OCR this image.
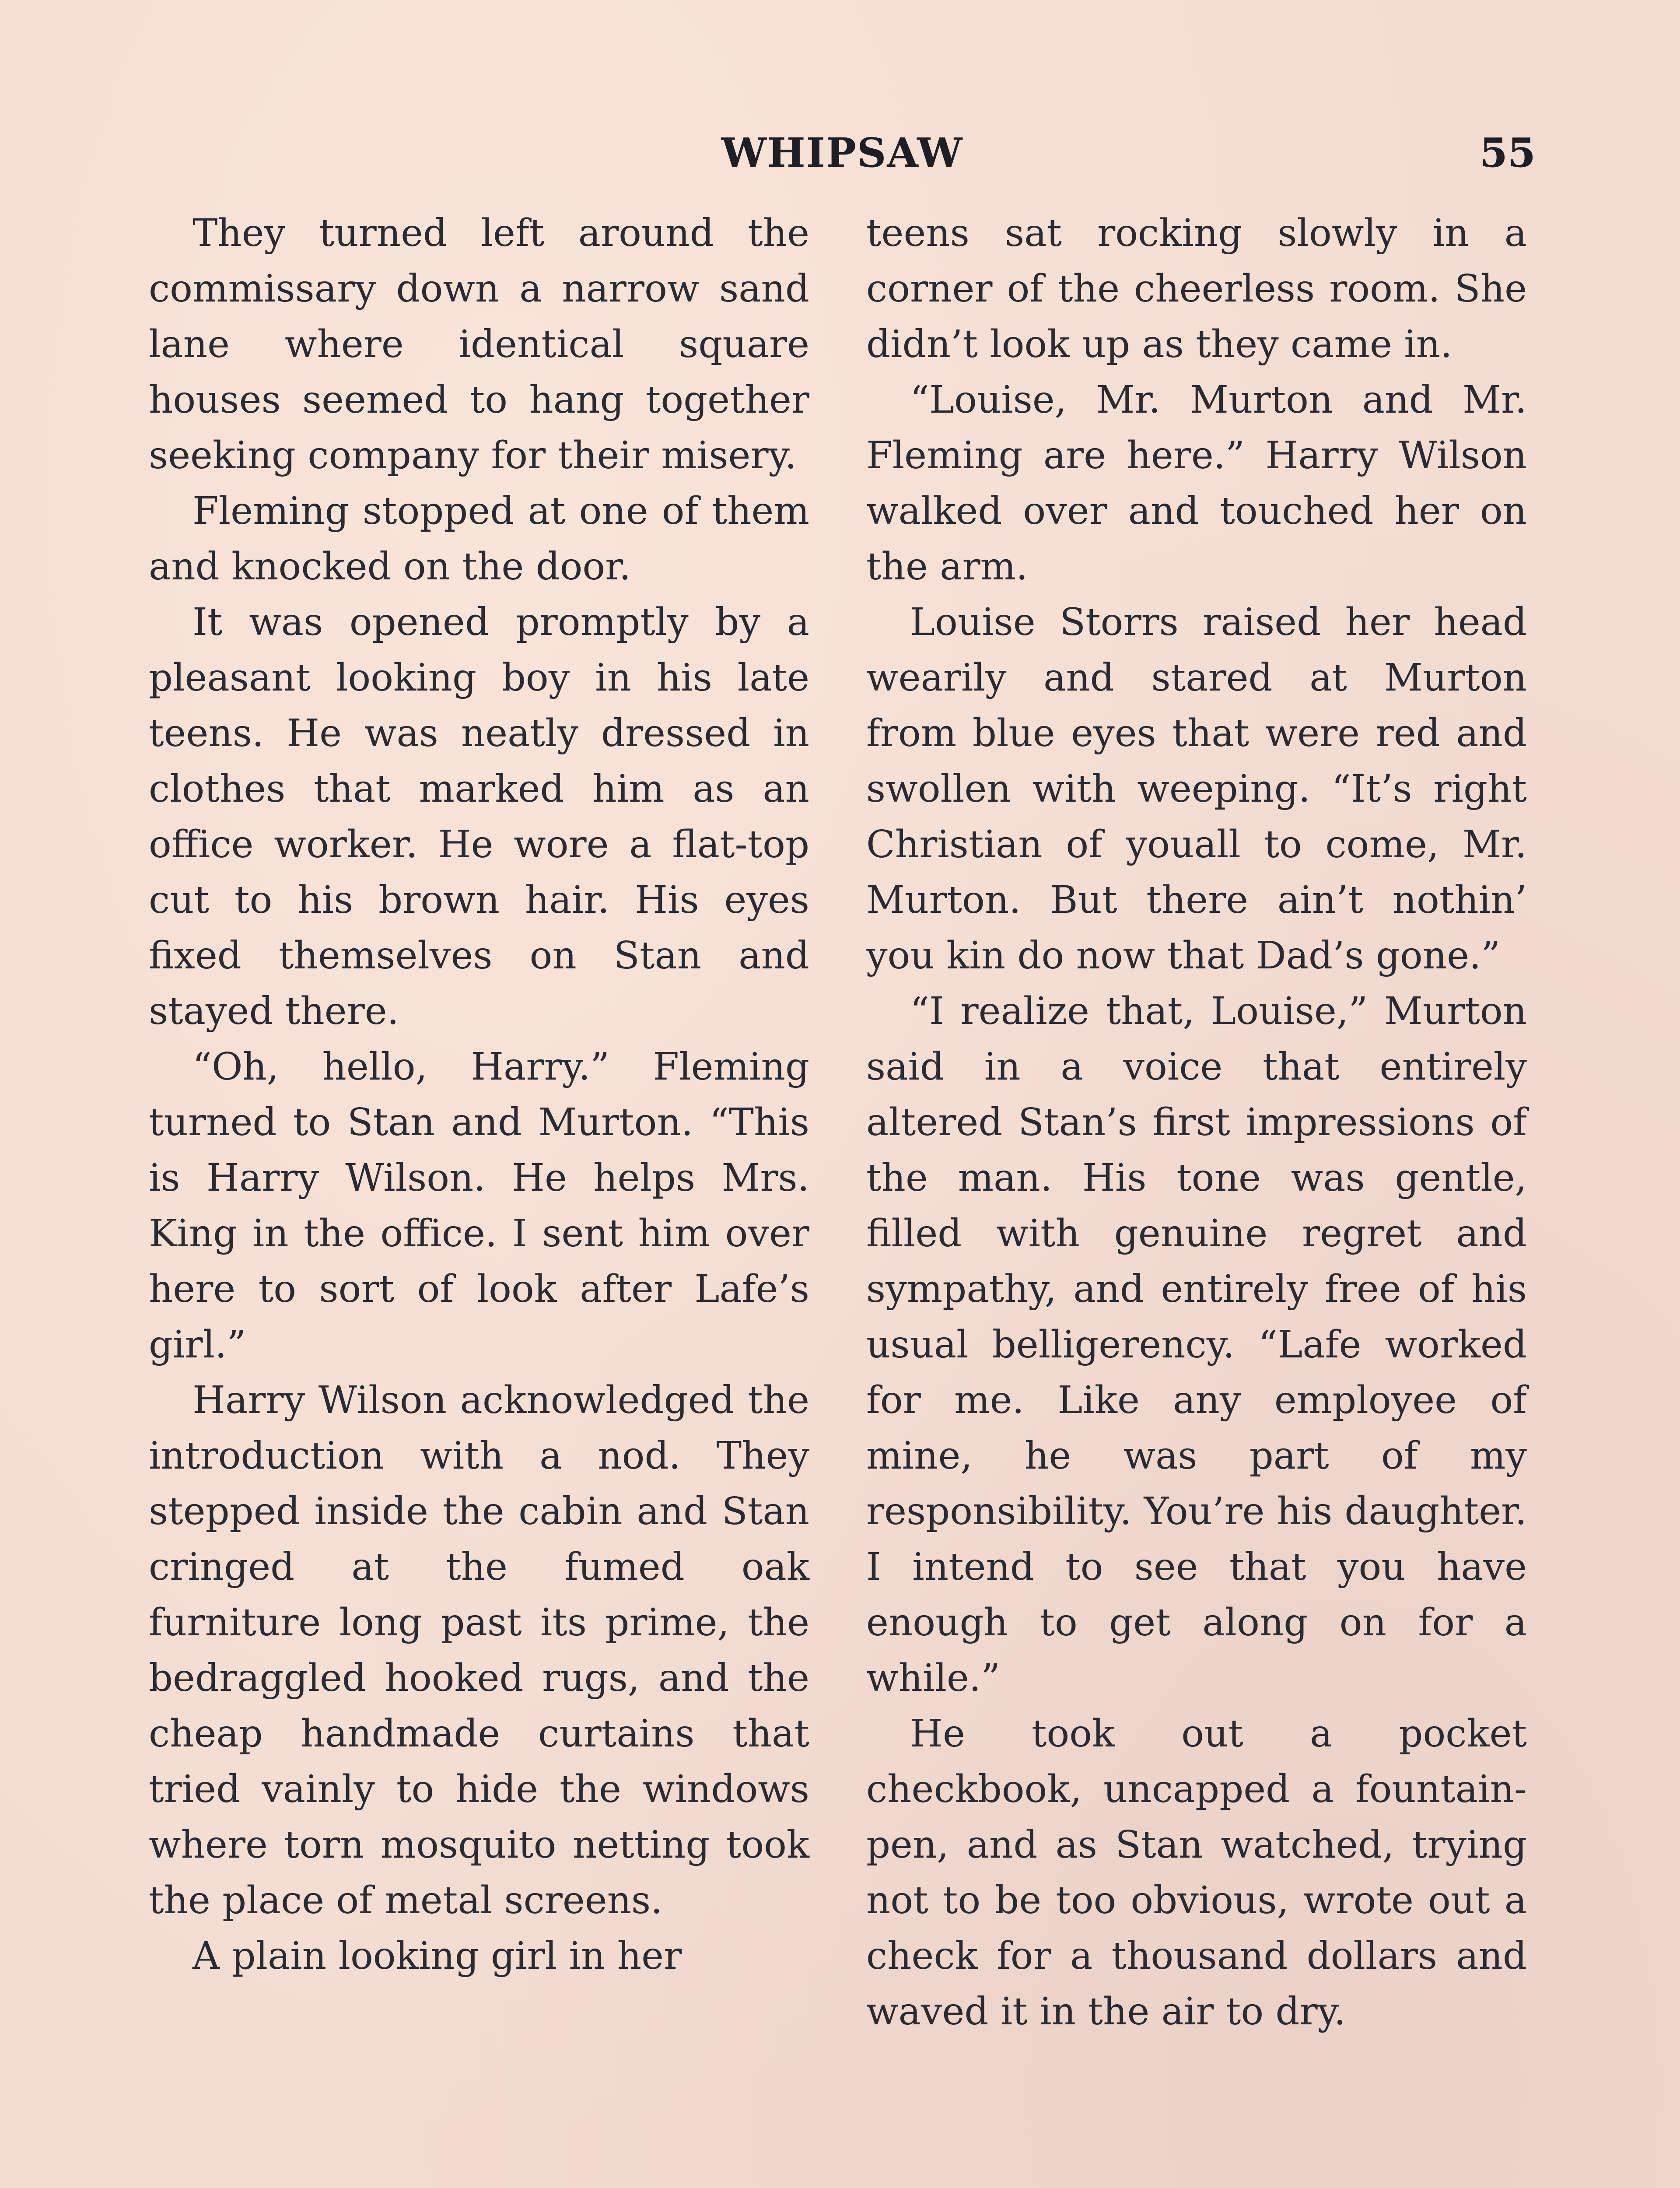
WHIPSAW	55

They turned left around the commissary down a narrow sand lane where identical square houses seemed to hang together seeking company for their misery.

Fleming stopped at one of them and knocked on the door.

It was opened promptly by a pleasant looking boy in his late teens. He was neatly dressed in clothes that marked him as an office worker. He wore a flat-top cut to his brown hair. His eyes fixed themselves on Stan and stayed there.

“Oh, hello, Harry.” Fleming turned to Stan and Murton. “This is Harry Wilson. He helps Mrs. King in the office. I sent him over here to sort of look after Lafe’s girl.”

Harry Wilson acknowledged the introduction with a nod. They stepped inside the cabin and Stan cringed at the fumed oak furniture long past its prime, the bedraggled hooked rugs, and the cheap handmade curtains that tried vainly to hide the windows where torn mosquito netting took the place of metal screens.

A plain looking girl in her

teens sat rocking slowly in a corner of the cheerless room. She didn’t look up as they came in.

“Louise, Mr. Murton and Mr. Fleming are here.” Harry Wilson walked over and touched her on the arm.

Louise Storrs raised her head wearily and stared at Murton from blue eyes that were red and swollen with weeping. “It’s right Christian of youall to come, Mr. Murton. But there ain’t nothin’ you kin do now that Dad’s gone.”

“I realize that, Louise,” Murton said in a voice that entirely altered Stan’s first impressions of the man. His tone was gentle, filled with genuine regret and sympathy, and entirely free of his usual belligerency. “Lafe worked for me. Like any employee of mine, he was part of my responsibility. You’re his daughter. I intend to see that you have enough to get along on for a while.”

He took out a pocket checkbook, uncapped a fountain-pen, and as Stan watched, trying not to be too obvious, wrote out a check for a thousand dollars and waved it in the air to dry.
